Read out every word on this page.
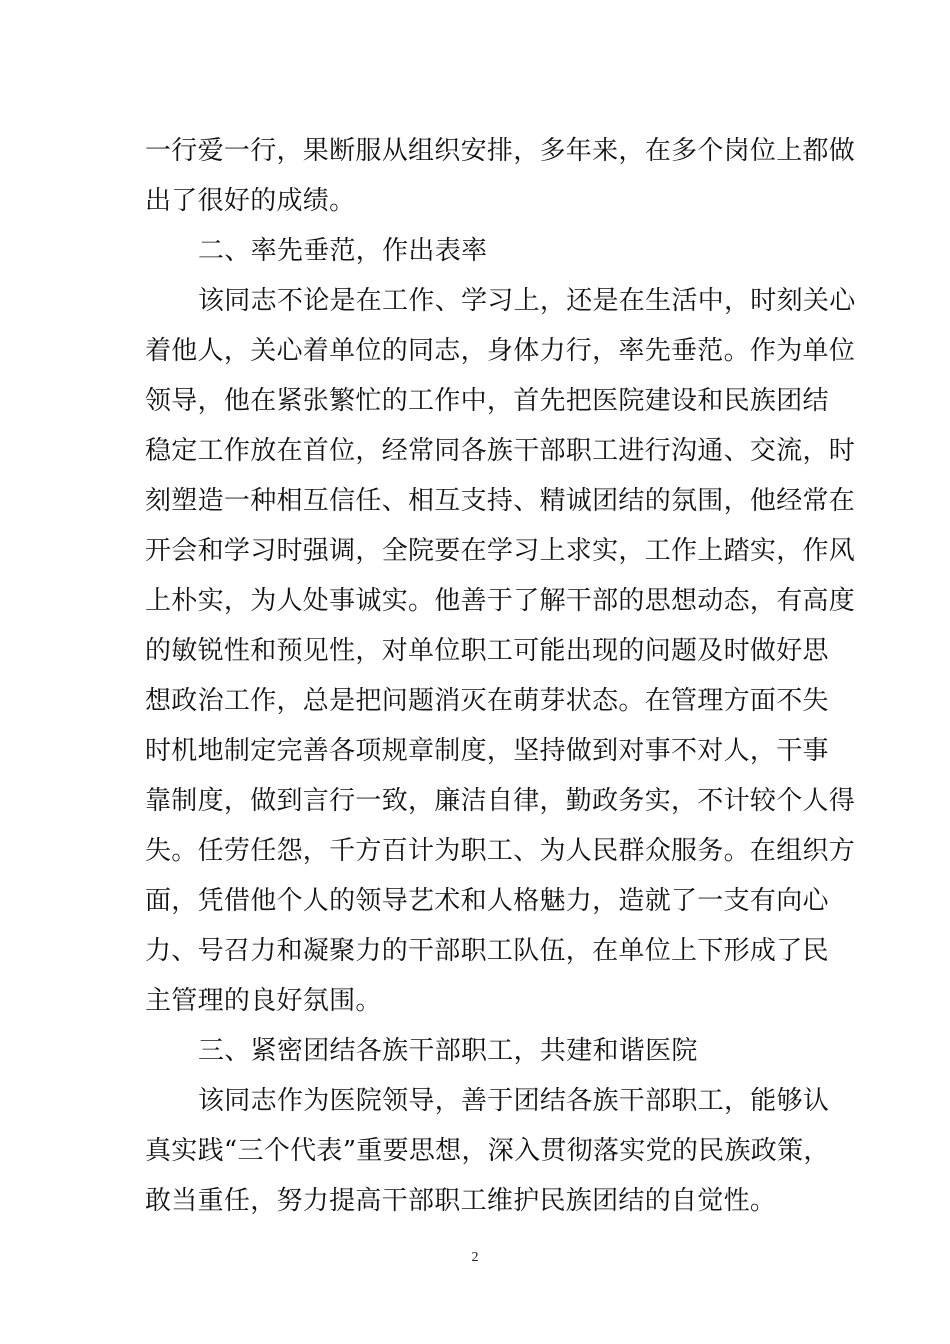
一行爱一行，果断服从组织安排，多年来，在多个岗位上都做
出了很好的成绩。
二、率先垂范，作出表率
该同志不论是在工作、学习上，还是在生活中，时刻关心
着他人，关心着单位的同志，身体力行，率先垂范。作为单位
领导，他在紧张繁忙的工作中，首先把医院建设和民族团结
稳定工作放在首位，经常同各族干部职工进行沟通、交流，时
刻塑造一种相互信任、相互支持、精诚团结的氛围，他经常在
开会和学习时强调，全院要在学习上求实，工作上踏实，作风
上朴实，为人处事诚实。他善于了解干部的思想动态，有高度
的敏锐性和预见性，对单位职工可能出现的问题及时做好思
想政治工作，总是把问题消灭在萌芽状态。在管理方面不失
时机地制定完善各项规章制度，坚持做到对事不对人，干事
靠制度，做到言行一致，廉洁自律，勤政务实，不计较个人得
失。任劳任怨，千方百计为职工、为人民群众服务。在组织方
面，凭借他个人的领导艺术和人格魅力，造就了一支有向心
力、号召力和凝聚力的干部职工队伍，在单位上下形成了民
主管理的良好氛围。
三、紧密团结各族干部职工，共建和谐医院
该同志作为医院领导，善于团结各族干部职工，能够认
真实践“三个代表”重要思想，深入贯彻落实党的民族政策，
敢当重任，努力提高干部职工维护民族团结的自觉性。
2
